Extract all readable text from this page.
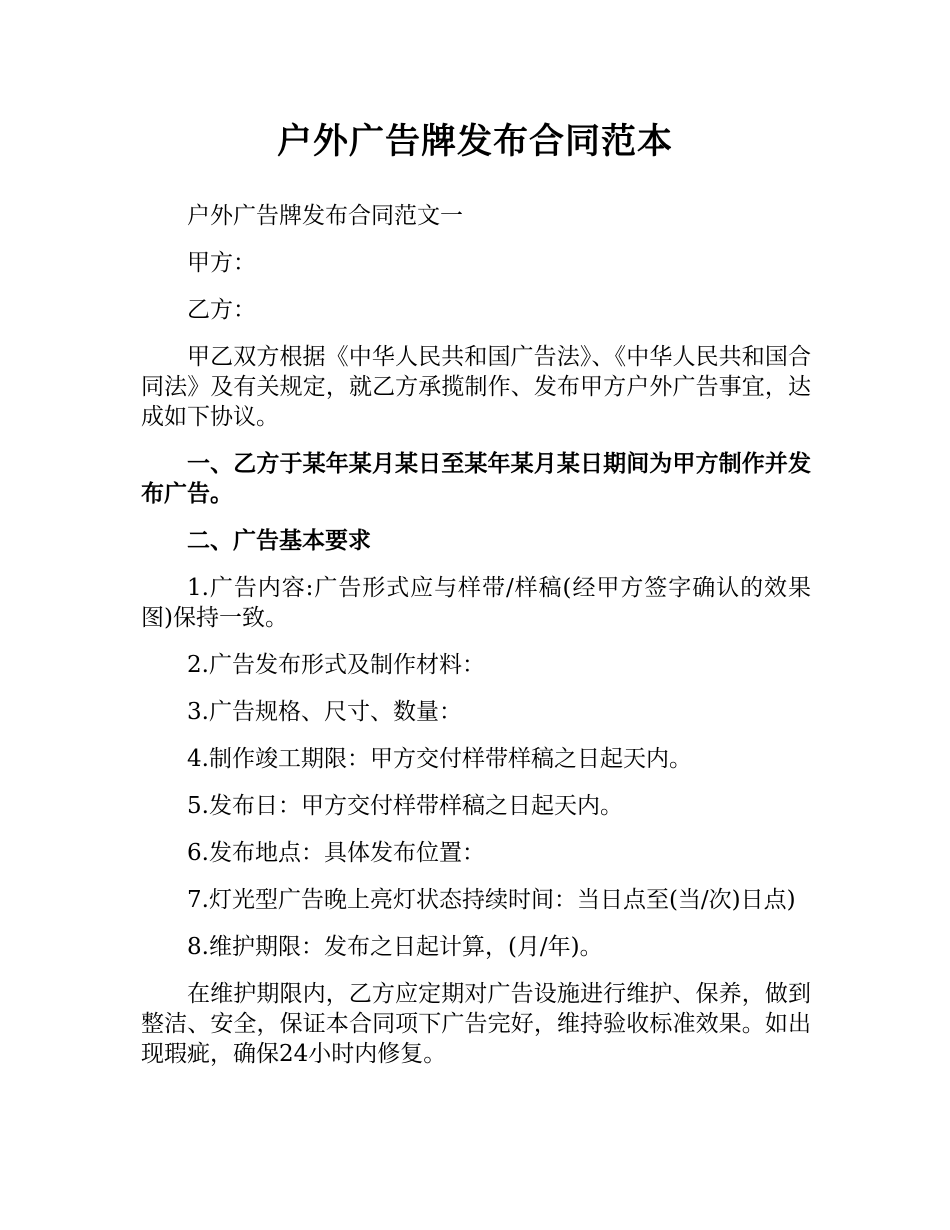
户外广告牌发布合同范本

户外广告牌发布合同范文一

甲方：

乙方：

甲乙双方根据《中华人民共和国广告法》、《中华人民共和国合同法》及有关规定，就乙方承揽制作、发布甲方户外广告事宜，达成如下协议。

一、乙方于某年某月某日至某年某月某日期间为甲方制作并发布广告。

二、广告基本要求

1.广告内容:广告形式应与样带/样稿(经甲方签字确认的效果图)保持一致。

2.广告发布形式及制作材料：

3.广告规格、尺寸、数量：

4.制作竣工期限：甲方交付样带样稿之日起天内。

5.发布日：甲方交付样带样稿之日起天内。

6.发布地点：具体发布位置：

7.灯光型广告晚上亮灯状态持续时间：当日点至(当/次)日点)

8.维护期限：发布之日起计算，(月/年)。

在维护期限内，乙方应定期对广告设施进行维护、保养，做到整洁、安全，保证本合同项下广告完好，维持验收标准效果。如出现瑕疵，确保24小时内修复。
